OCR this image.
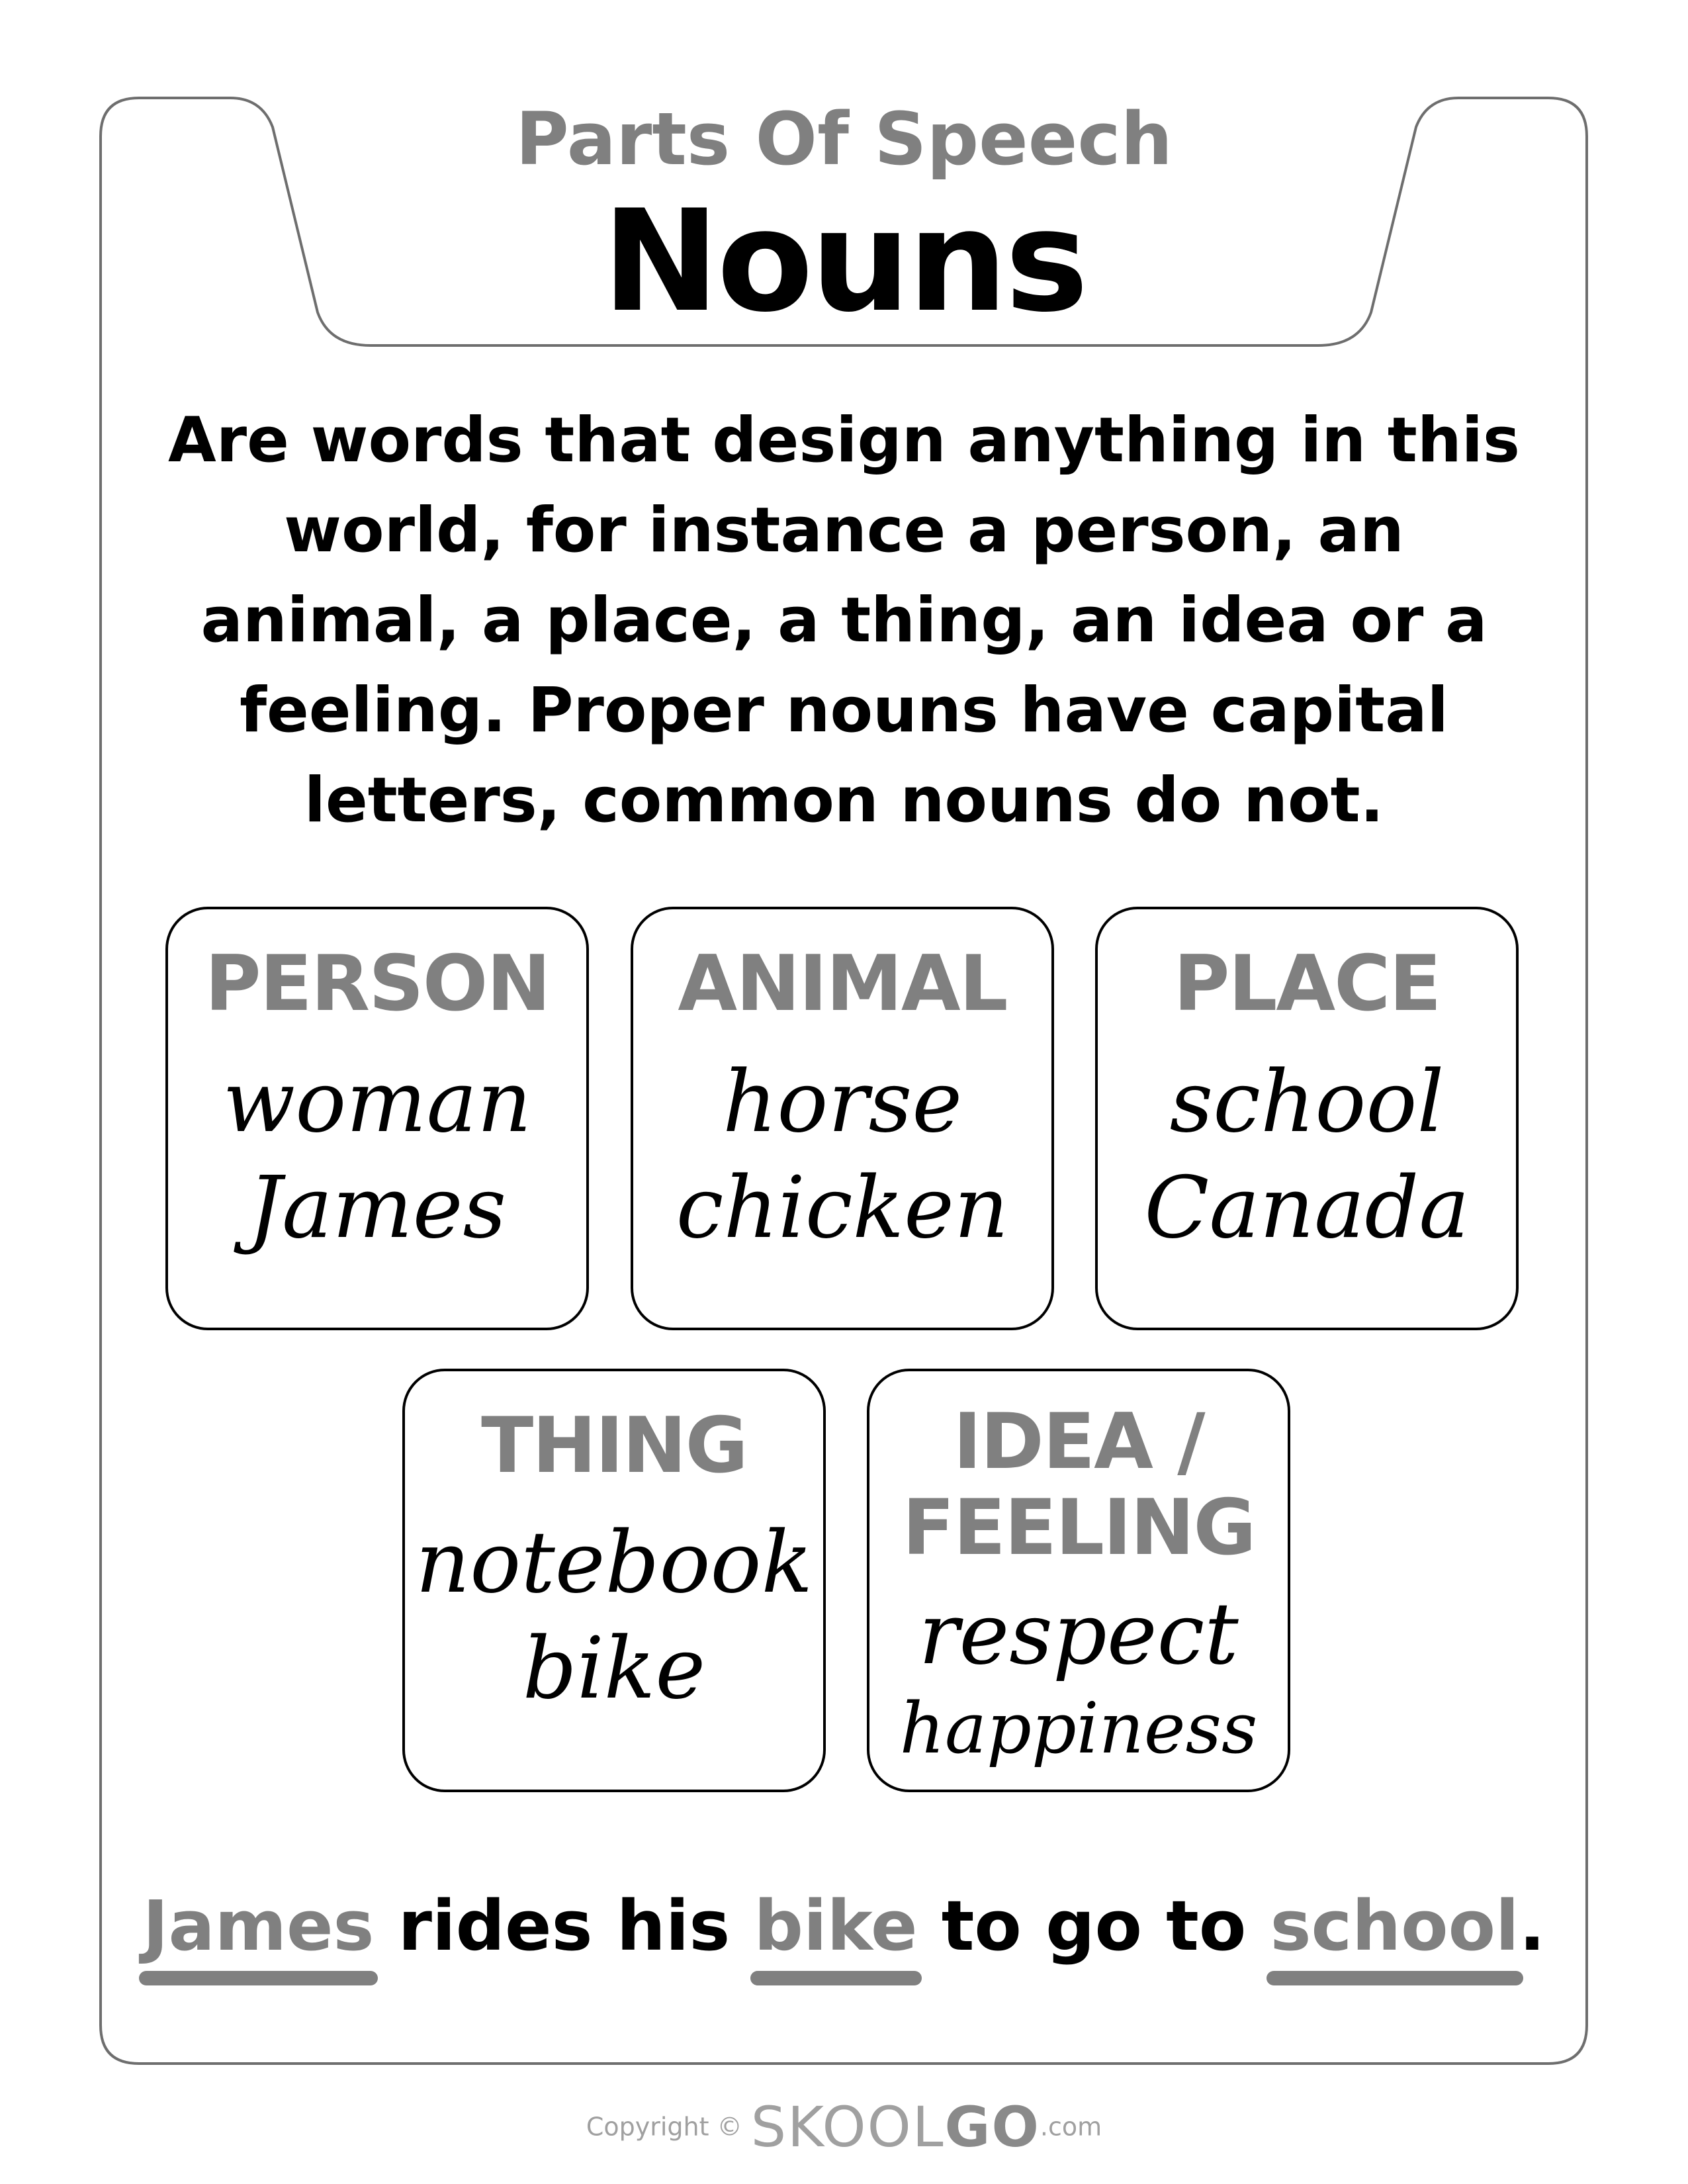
Parts Of Speech
Nouns

Are words that design anything in this world, for instance a person, an animal, a place, a thing, an idea or a feeling. Proper nouns have capital letters, common nouns do not.

PERSON
woman
James
ANIMAL
horse
chicken
PLACE
school
Canada
THING
notebook
bike
IDEA /
FEELING
respect
happiness
James rides his bike to go to school.
Copyright © SKOOLGO.com
